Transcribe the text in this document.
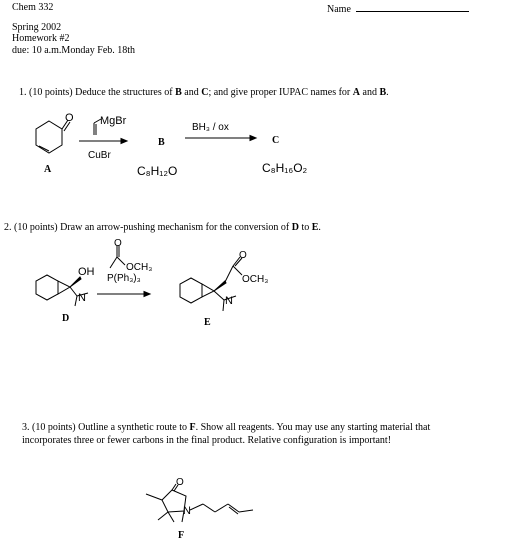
Chem 332	Name
Spring 2002
Homework #2
due: 10 a.m.Monday Feb. 18th
1. (10 points) Deduce the structures of B and C; and give proper IUPAC names for A and B.
2. (10 points) Draw an arrow-pushing mechanism for the conversion of D to E.
3. (10 points) Outline a synthetic route to F. Show all reagents. You may use any starting material that
incorporates three or fewer carbons in the final product. Relative configuration is important!
O MgBr
CuBr
BH₃ / ox
A
B	C
C₈H₁₂O	C₈H₁₆O₂
OH
N
O
OCH₃
P(Ph₃)₃
O
OCH₃
N
D	E
O
N
F
